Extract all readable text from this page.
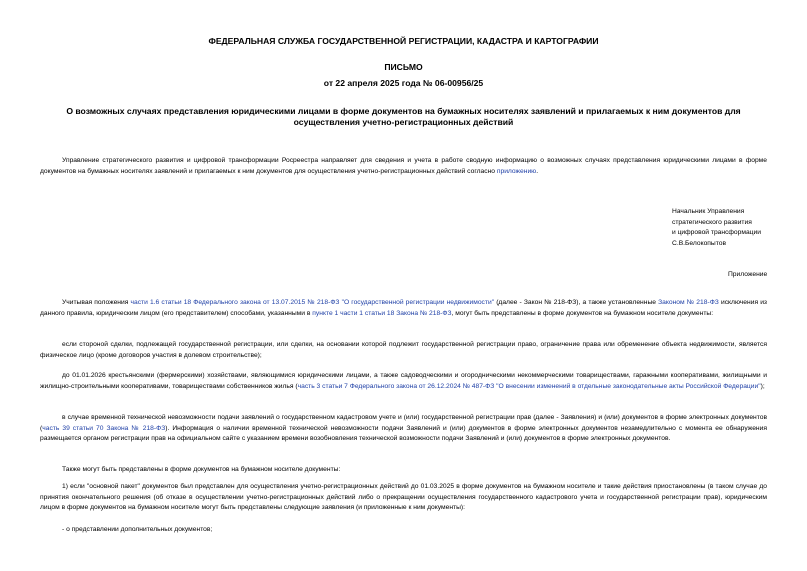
ФЕДЕРАЛЬНАЯ СЛУЖБА ГОСУДАРСТВЕННОЙ РЕГИСТРАЦИИ, КАДАСТРА И КАРТОГРАФИИ
ПИСЬМО
от 22 апреля 2025 года № 06-00956/25
О возможных случаях представления юридическими лицами в форме документов на бумажных носителях заявлений и прилагаемых к ним документов для осуществления учетно-регистрационных действий
Управление стратегического развития и цифровой трансформации Росреестра направляет для сведения и учета в работе сводную информацию о возможных случаях представления юридическими лицами в форме документов на бумажных носителях заявлений и прилагаемых к ним документов для осуществления учетно-регистрационных действий согласно приложению.
Начальник Управления
стратегического развития
и цифровой трансформации
С.В.Белокопытов
Приложение
Учитывая положения части 1.6 статьи 18 Федерального закона от 13.07.2015 № 218-ФЗ "О государственной регистрации недвижимости" (далее - Закон № 218-ФЗ), а также установленные Законом № 218-ФЗ исключения из данного правила, юридическим лицом (его представителем) способами, указанными в пункте 1 части 1 статьи 18 Закона № 218-ФЗ, могут быть представлены в форме документов на бумажном носителе документы:
если стороной сделки, подлежащей государственной регистрации, или сделки, на основании которой подлежит государственной регистрации право, ограничение права или обременение объекта недвижимости, является физическое лицо (кроме договоров участия в долевом строительстве);
до 01.01.2026 крестьянскими (фермерскими) хозяйствами, являющимися юридическими лицами, а также садоводческими и огородническими некоммерческими товариществами, гаражными кооперативами, жилищными и жилищно-строительными кооперативами, товариществами собственников жилья (часть 3 статьи 7 Федерального закона от 26.12.2024 № 487-ФЗ "О внесении изменений в отдельные законодательные акты Российской Федерации");
в случае временной технической невозможности подачи заявлений о государственном кадастровом учете и (или) государственной регистрации прав (далее - Заявления) и (или) документов в форме электронных документов (часть 39 статьи 70 Закона № 218-ФЗ). Информация о наличии временной технической невозможности подачи Заявлений и (или) документов в форме электронных документов незамедлительно с момента ее обнаружения размещается органом регистрации прав на официальном сайте с указанием времени возобновления технической возможности подачи Заявлений и (или) документов в форме электронных документов.
Также могут быть представлены в форме документов на бумажном носителе документы:
1) если "основной пакет" документов был представлен для осуществления учетно-регистрационных действий до 01.03.2025 в форме документов на бумажном носителе и такие действия приостановлены (в таком случае до принятия окончательного решения (об отказе в осуществлении учетно-регистрационных действий либо о прекращении осуществления государственного кадастрового учета и государственной регистрации прав), юридическим лицом в форме документов на бумажном носителе могут быть представлены следующие заявления (и приложенные к ним документы):
- о представлении дополнительных документов;
